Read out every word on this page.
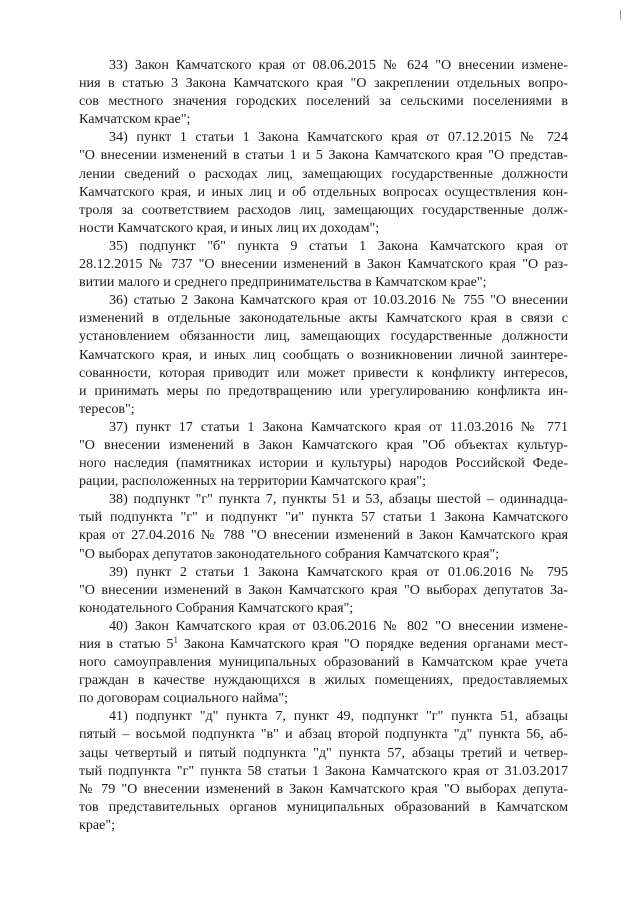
33) Закон Камчатского края от 08.06.2015 № 624 "О внесении измене-
ния в статью 3 Закона Камчатского края "О закреплении отдельных вопро-
сов местного значения городских поселений за сельскими поселениями в
Камчатском крае";
34) пункт 1 статьи 1 Закона Камчатского края от 07.12.2015 № 724
"О внесении изменений в статьи 1 и 5 Закона Камчатского края "О представ-
лении сведений о расходах лиц, замещающих государственные должности
Камчатского края, и иных лиц и об отдельных вопросах осуществления кон-
троля за соответствием расходов лиц, замещающих государственные долж-
ности Камчатского края, и иных лиц их доходам";
35) подпункт "б" пункта 9 статьи 1 Закона Камчатского края от
28.12.2015 № 737 "О внесении изменений в Закон Камчатского края "О раз-
витии малого и среднего предпринимательства в Камчатском крае";
36) статью 2 Закона Камчатского края от 10.03.2016 № 755 "О внесении
изменений в отдельные законодательные акты Камчатского края в связи с
установлением обязанности лиц, замещающих государственные должности
Камчатского края, и иных лиц сообщать о возникновении личной заинтере-
сованности, которая приводит или может привести к конфликту интересов,
и принимать меры по предотвращению или урегулированию конфликта ин-
тересов";
37) пункт 17 статьи 1 Закона Камчатского края от 11.03.2016 № 771
"О внесении изменений в Закон Камчатского края "Об объектах культур-
ного наследия (памятниках истории и культуры) народов Российской Феде-
рации, расположенных на территории Камчатского края";
38) подпункт "г" пункта 7, пункты 51 и 53, абзацы шестой – одиннадца-
тый подпункта "г" и подпункт "и" пункта 57 статьи 1 Закона Камчатского
края от 27.04.2016 № 788 "О внесении изменений в Закон Камчатского края
"О выборах депутатов законодательного собрания Камчатского края";
39) пункт 2 статьи 1 Закона Камчатского края от 01.06.2016 № 795
"О внесении изменений в Закон Камчатского края "О выборах депутатов За-
конодательного Собрания Камчатского края";
40) Закон Камчатского края от 03.06.2016 № 802 "О внесении измене-
ния в статью $5^1$ Закона Камчатского края "О порядке ведения органами мест-
ного самоуправления муниципальных образований в Камчатском крае учета
граждан в качестве нуждающихся в жилых помещениях, предоставляемых
по договорам социального найма";
41) подпункт "д" пункта 7, пункт 49, подпункт "г" пункта 51, абзацы
пятый – восьмой подпункта "в" и абзац второй подпункта "д" пункта 56, аб-
зацы четвертый и пятый подпункта "д" пункта 57, абзацы третий и четвер-
тый подпункта "г" пункта 58 статьи 1 Закона Камчатского края от 31.03.2017
№ 79 "О внесении изменений в Закон Камчатского края "О выборах депута-
тов представительных органов муниципальных образований в Камчатском
крае";
